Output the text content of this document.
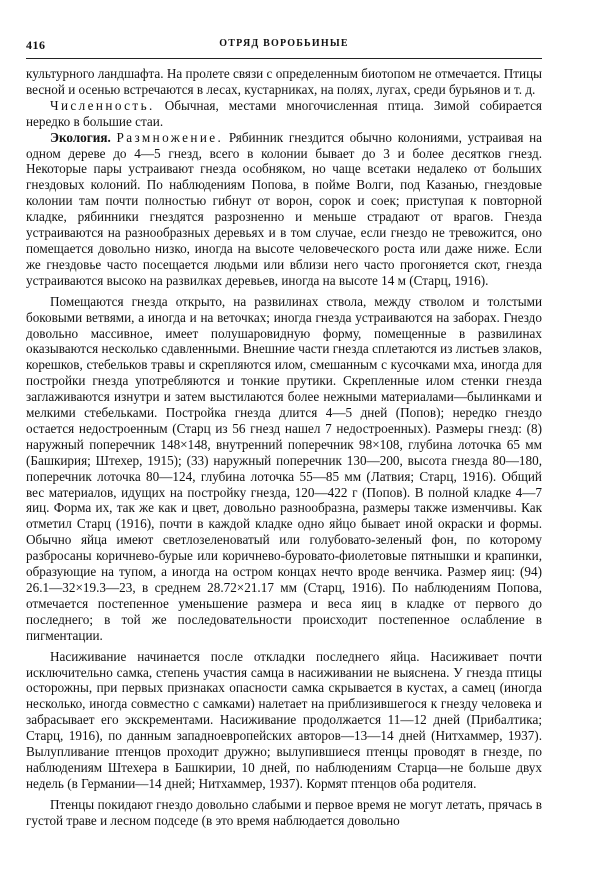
416	ОТРЯД ВОРОБЬИНЫЕ

культурного ландшафта. На пролете связи с определенным биотопом не отмечается. Птицы весной и осенью встречаются в лесах, кустарниках, на полях, лугах, среди бурьянов и т. д.

Численность. Обычная, местами многочисленная птица. Зимой собирается нередко в большие стаи.

Экология. Размножение. Рябинник гнездится обычно колониями, устраивая на одном дереве до 4—5 гнезд, всего в колонии бывает до 3 и более десятков гнезд. Некоторые пары устраивают гнезда особняком, но чаще всетаки недалеко от больших гнездовых колоний. По наблюдениям Попова, в пойме Волги, под Казанью, гнездовые колонии там почти полностью гибнут от ворон, сорок и соек; приступая к повторной кладке, рябинники гнездятся разрозненно и меньше страдают от врагов. Гнезда устраиваются на разнообразных деревьях и в том случае, если гнездо не тревожится, оно помещается довольно низко, иногда на высоте человеческого роста или даже ниже. Если же гнездовье часто посещается людьми или вблизи него часто прогоняется скот, гнезда устраиваются высоко на развилках деревьев, иногда на высоте 14 м (Старц, 1916).

Помещаются гнезда открыто, на развилинах ствола, между стволом и толстыми боковыми ветвями, а иногда и на веточках; иногда гнезда устраиваются на заборах. Гнездо довольно массивное, имеет полушаровидную форму, помещенные в развилинах оказываются несколько сдавленными. Внешние части гнезда сплетаются из листьев злаков, корешков, стебельков травы и скрепляются илом, смешанным с кусочками мха, иногда для постройки гнезда употребляются и тонкие прутики. Скрепленные илом стенки гнезда заглаживаются изнутри и затем выстилаются более нежными материалами—былинками и мелкими стебельками. Постройка гнезда длится 4—5 дней (Попов); нередко гнездо остается недостроенным (Старц из 56 гнезд нашел 7 недостроенных). Размеры гнезд: (8) наружный поперечник 148×148, внутренний поперечник 98×108, глубина лоточка 65 мм (Башкирия; Штехер, 1915); (33) наружный поперечник 130—200, высота гнезда 80—180, поперечник лоточка 80—124, глубина лоточка 55—85 мм (Латвия; Старц, 1916). Общий вес материалов, идущих на постройку гнезда, 120—422 г (Попов). В полной кладке 4—7 яиц. Форма их, так же как и цвет, довольно разнообразна, размеры также изменчивы. Как отметил Старц (1916), почти в каждой кладке одно яйцо бывает иной окраски и формы. Обычно яйца имеют светлозеленоватый или голубовато-зеленый фон, по которому разбросаны коричнево-бурые или коричнево-буровато-фиолетовые пятнышки и крапинки, образующие на тупом, а иногда на остром концах нечто вроде венчика. Размер яиц: (94) 26.1—32×19.3—23, в среднем 28.72×21.17 мм (Старц, 1916). По наблюдениям Попова, отмечается постепенное уменьшение размера и веса яиц в кладке от первого до последнего; в той же последовательности происходит постепенное ослабление в пигментации.

Насиживание начинается после откладки последнего яйца. Насиживает почти исключительно самка, степень участия самца в насиживании не выяснена. У гнезда птицы осторожны, при первых признаках опасности самка скрывается в кустах, а самец (иногда несколько, иногда совместно с самками) налетает на приблизившегося к гнезду человека и забрасывает его экскрементами. Насиживание продолжается 11—12 дней (Прибалтика; Старц, 1916), по данным западноевропейских авторов—13—14 дней (Нитхаммер, 1937). Вылупливание птенцов проходит дружно; вылупившиеся птенцы проводят в гнезде, по наблюдениям Штехера в Башкирии, 10 дней, по наблюдениям Старца—не больше двух недель (в Германии—14 дней; Нитхаммер, 1937). Кормят птенцов оба родителя.

Птенцы покидают гнездо довольно слабыми и первое время не могут летать, прячась в густой траве и лесном подседе (в это время наблюдается довольно
